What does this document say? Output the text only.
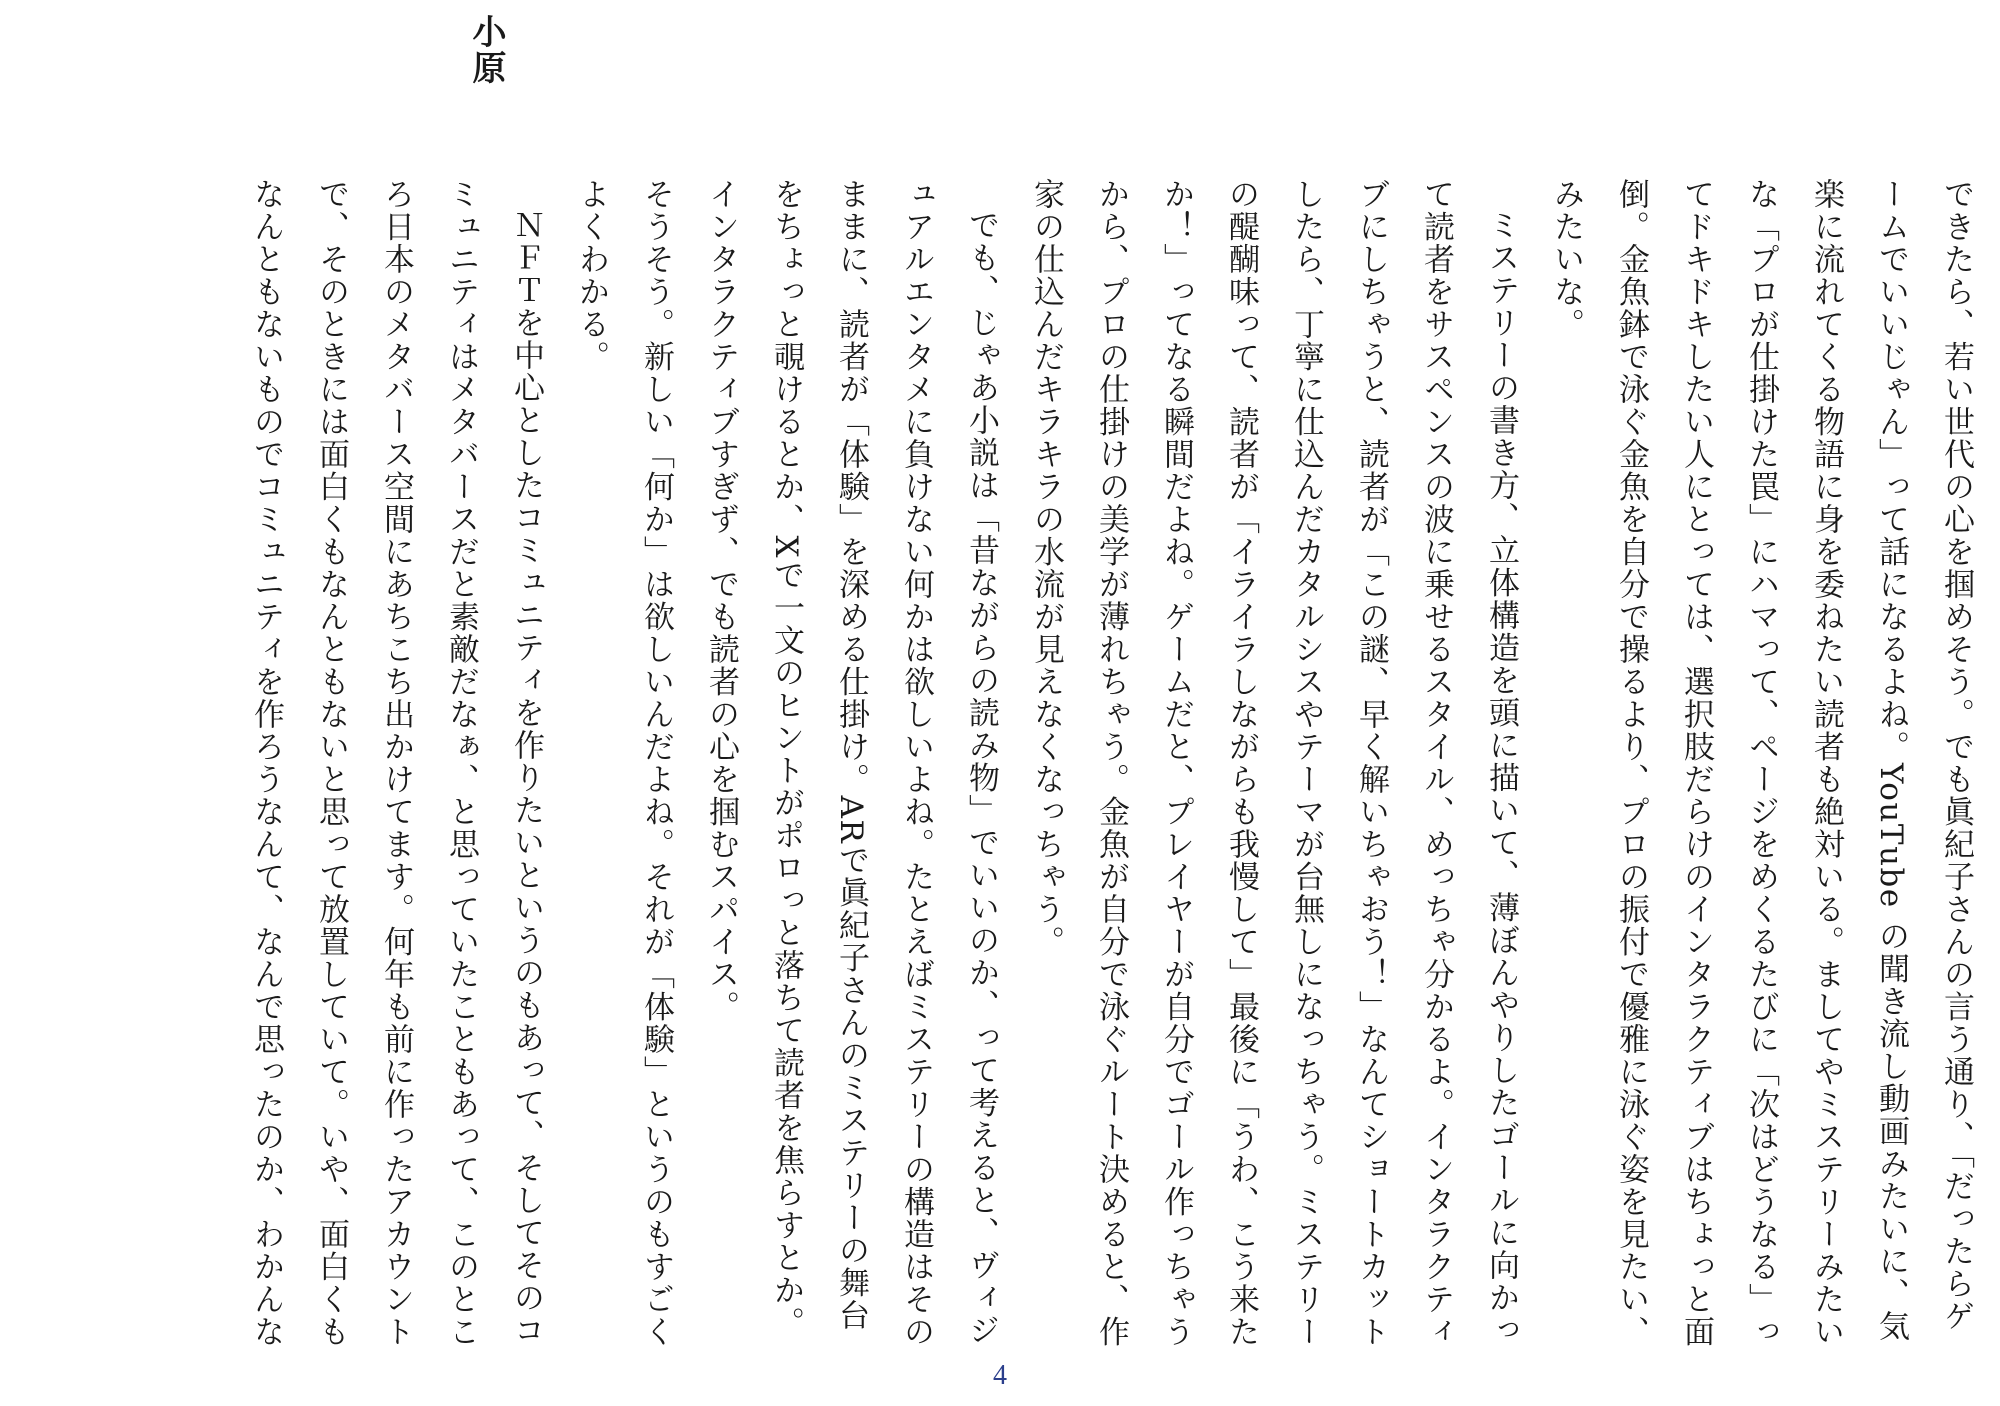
小原

できたら、若い世代の心を掴めそう。でも眞紀子さんの言う通り、「だったらゲームでいいじゃん」って話になるよね。YouTube の聞き流し動画みたいに、気楽に流れてくる物語に身を委ねたい読者も絶対いる。ましてやミステリーみたいな「プロが仕掛けた罠」にハマって、ページをめくるたびに「次はどうなる」ってドキドキしたい人にとっては、選択肢だらけのインタラクティブはちょっと面倒。金魚鉢で泳ぐ金魚を自分で操るより、プロの振付で優雅に泳ぐ姿を見たい、みたいな。

ミステリーの書き方、立体構造を頭に描いて、薄ぼんやりしたゴールに向かって読者をサスペンスの波に乗せるスタイル、めっちゃ分かるよ。インタラクティブにしちゃうと、読者が「この謎、早く解いちゃおう！」なんてショートカットしたら、丁寧に仕込んだカタルシスやテーマが台無しになっちゃう。ミステリーの醍醐味って、読者が「イライラしながらも我慢して」最後に「うわ、こう来たか！」ってなる瞬間だよね。ゲームだと、プレイヤーが自分でゴール作っちゃうから、プロの仕掛けの美学が薄れちゃう。金魚が自分で泳ぐルート決めると、作家の仕込んだキラキラの水流が見えなくなっちゃう。

でも、じゃあ小説は「昔ながらの読み物」でいいのか、って考えると、ヴィジュアルエンタメに負けない何かは欲しいよね。たとえばミステリーの構造はそのままに、読者が「体験」を深める仕掛け。ARで眞紀子さんのミステリーの舞台をちょっと覗けるとか、Xで一文のヒントがポロっと落ちて読者を焦らすとか。インタラクティブすぎず、でも読者の心を掴むスパイス。

そうそう。新しい「何か」は欲しいんだよね。それが「体験」というのもすごくよくわかる。

ＮＦＴを中心としたコミュニティを作りたいというのもあって、そしてそのコミュニティはメタバースだと素敵だなぁ、と思っていたこともあって、このところ日本のメタバース空間にあちこち出かけてます。何年も前に作ったアカウントで、そのときには面白くもなんともないと思って放置していて。いや、面白くもなんともないものでコミュニティを作ろうなんて、なんで思ったのか、わかんな

4
